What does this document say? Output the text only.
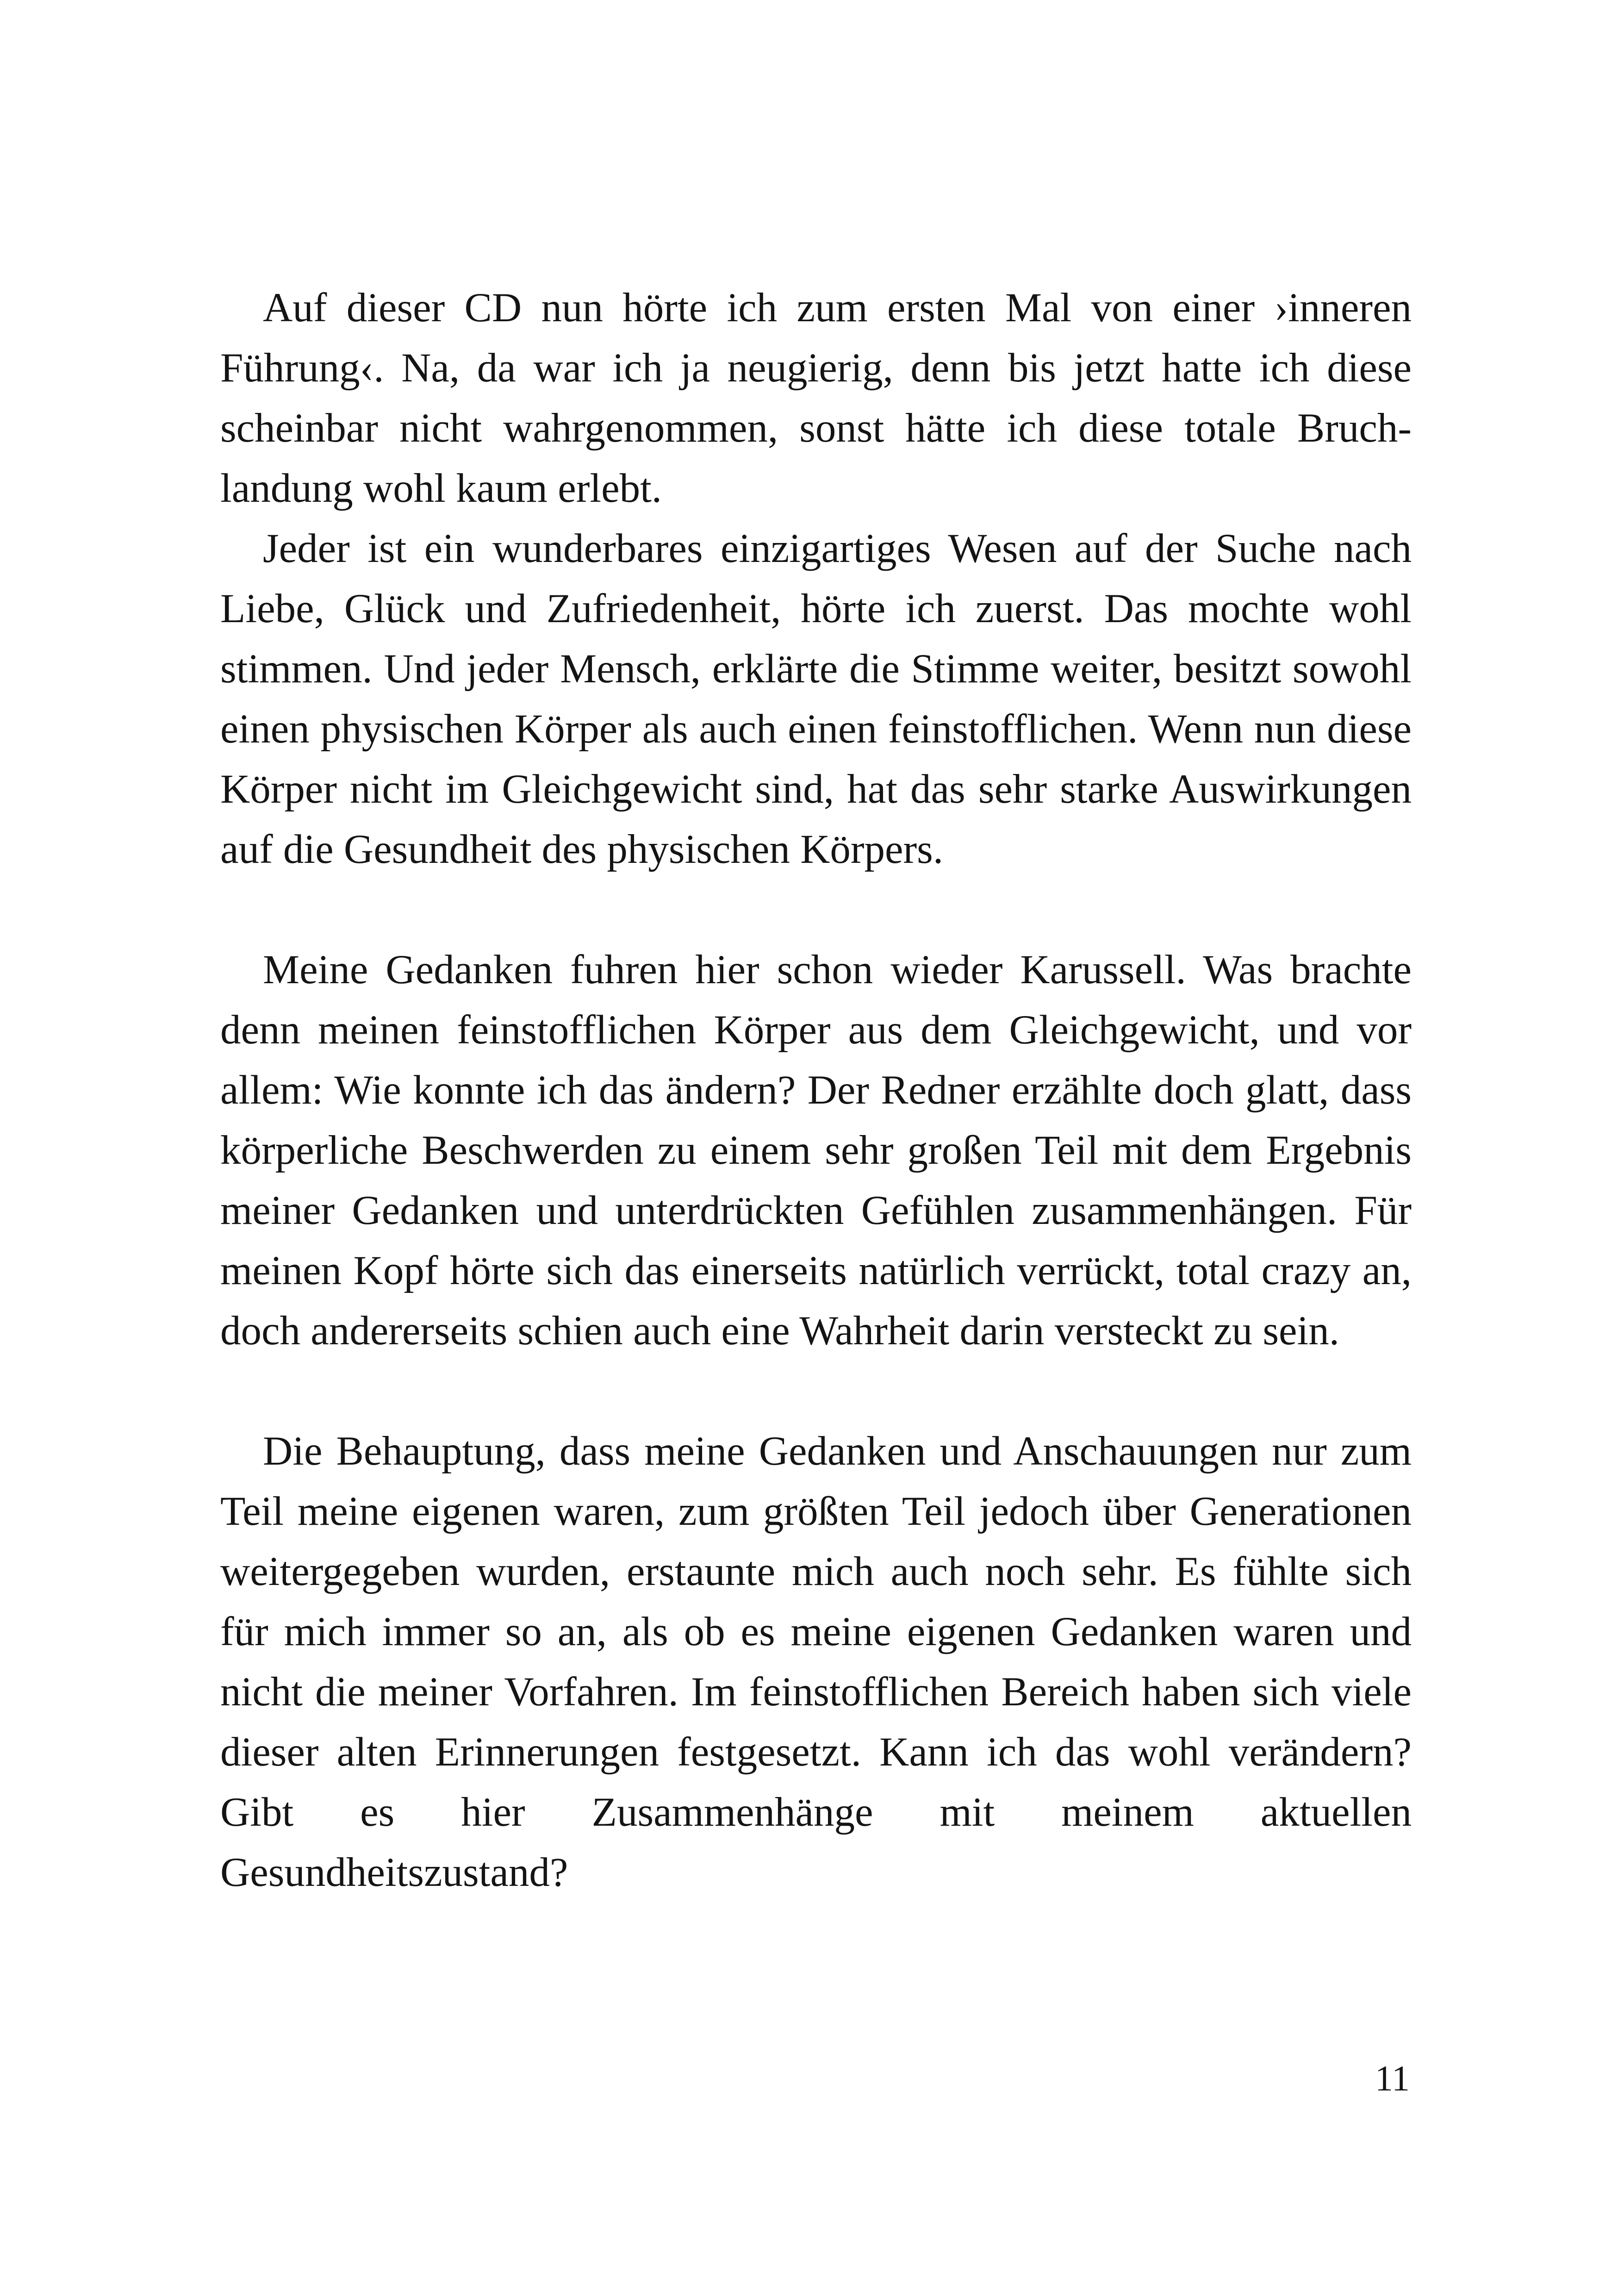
Auf dieser CD nun hörte ich zum ersten Mal von einer ›inneren Führung‹. Na, da war ich ja neugierig, denn bis jetzt hatte ich diese scheinbar nicht wahrgenommen, sonst hätte ich diese totale Bruchlandung wohl kaum erlebt.

Jeder ist ein wunderbares einzigartiges Wesen auf der Suche nach Liebe, Glück und Zufriedenheit, hörte ich zuerst. Das mochte wohl stimmen. Und jeder Mensch, erklärte die Stimme weiter, besitzt sowohl einen physischen Körper als auch einen feinstofflichen. Wenn nun diese Körper nicht im Gleichgewicht sind, hat das sehr starke Auswirkungen auf die Gesundheit des physischen Körpers.

Meine Gedanken fuhren hier schon wieder Karussell. Was brachte denn meinen feinstofflichen Körper aus dem Gleichgewicht, und vor allem: Wie konnte ich das ändern? Der Redner erzählte doch glatt, dass körperliche Beschwerden zu einem sehr großen Teil mit dem Ergebnis meiner Gedanken und unterdrückten Gefühlen zusammenhängen. Für meinen Kopf hörte sich das einerseits natürlich verrückt, total crazy an, doch andererseits schien auch eine Wahrheit darin versteckt zu sein.

Die Behauptung, dass meine Gedanken und Anschauungen nur zum Teil meine eigenen waren, zum größten Teil jedoch über Generationen weitergegeben wurden, erstaunte mich auch noch sehr. Es fühlte sich für mich immer so an, als ob es meine eigenen Gedanken waren und nicht die meiner Vorfahren. Im feinstofflichen Bereich haben sich viele dieser alten Erinnerungen festgesetzt. Kann ich das wohl verändern? Gibt es hier Zusammenhänge mit meinem aktuellen Gesundheitszustand?

11
